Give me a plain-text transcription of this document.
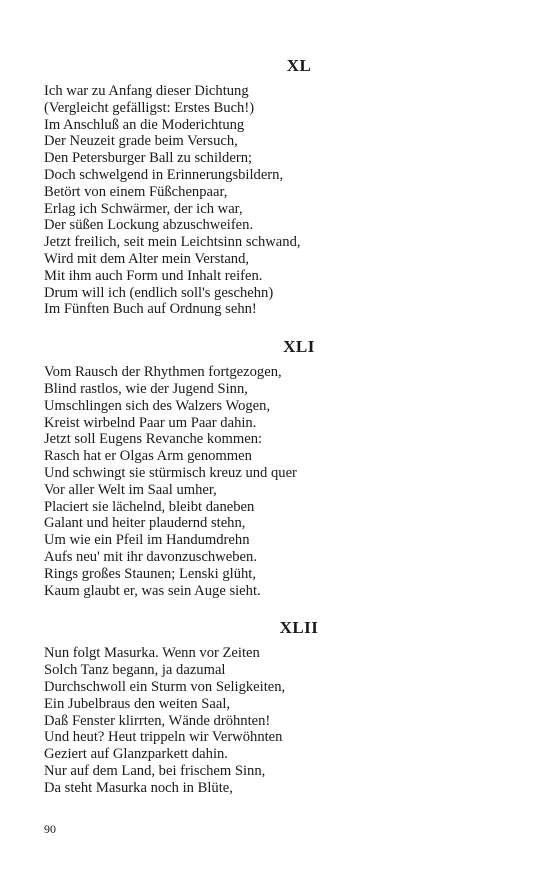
XL
Ich war zu Anfang dieser Dichtung
(Vergleicht gefälligst: Erstes Buch!)
Im Anschluß an die Moderichtung
Der Neuzeit grade beim Versuch,
Den Petersburger Ball zu schildern;
Doch schwelgend in Erinnerungsbildern,
Betört von einem Füßchenpaar,
Erlag ich Schwärmer, der ich war,
Der süßen Lockung abzuschweifen.
Jetzt freilich, seit mein Leichtsinn schwand,
Wird mit dem Alter mein Verstand,
Mit ihm auch Form und Inhalt reifen.
Drum will ich (endlich soll's geschehn)
Im Fünften Buch auf Ordnung sehn!
XLI
Vom Rausch der Rhythmen fortgezogen,
Blind rastlos, wie der Jugend Sinn,
Umschlingen sich des Walzers Wogen,
Kreist wirbelnd Paar um Paar dahin.
Jetzt soll Eugens Revanche kommen:
Rasch hat er Olgas Arm genommen
Und schwingt sie stürmisch kreuz und quer
Vor aller Welt im Saal umher,
Placiert sie lächelnd, bleibt daneben
Galant und heiter plaudernd stehn,
Um wie ein Pfeil im Handumdrehn
Aufs neu' mit ihr davonzuschweben.
Rings großes Staunen; Lenski glüht,
Kaum glaubt er, was sein Auge sieht.
XLII
Nun folgt Masurka. Wenn vor Zeiten
Solch Tanz begann, ja dazumal
Durchschwoll ein Sturm von Seligkeiten,
Ein Jubelbraus den weiten Saal,
Daß Fenster klirrten, Wände dröhnten!
Und heut? Heut trippeln wir Verwöhnten
Geziert auf Glanzparkett dahin.
Nur auf dem Land, bei frischem Sinn,
Da steht Masurka noch in Blüte,
90
